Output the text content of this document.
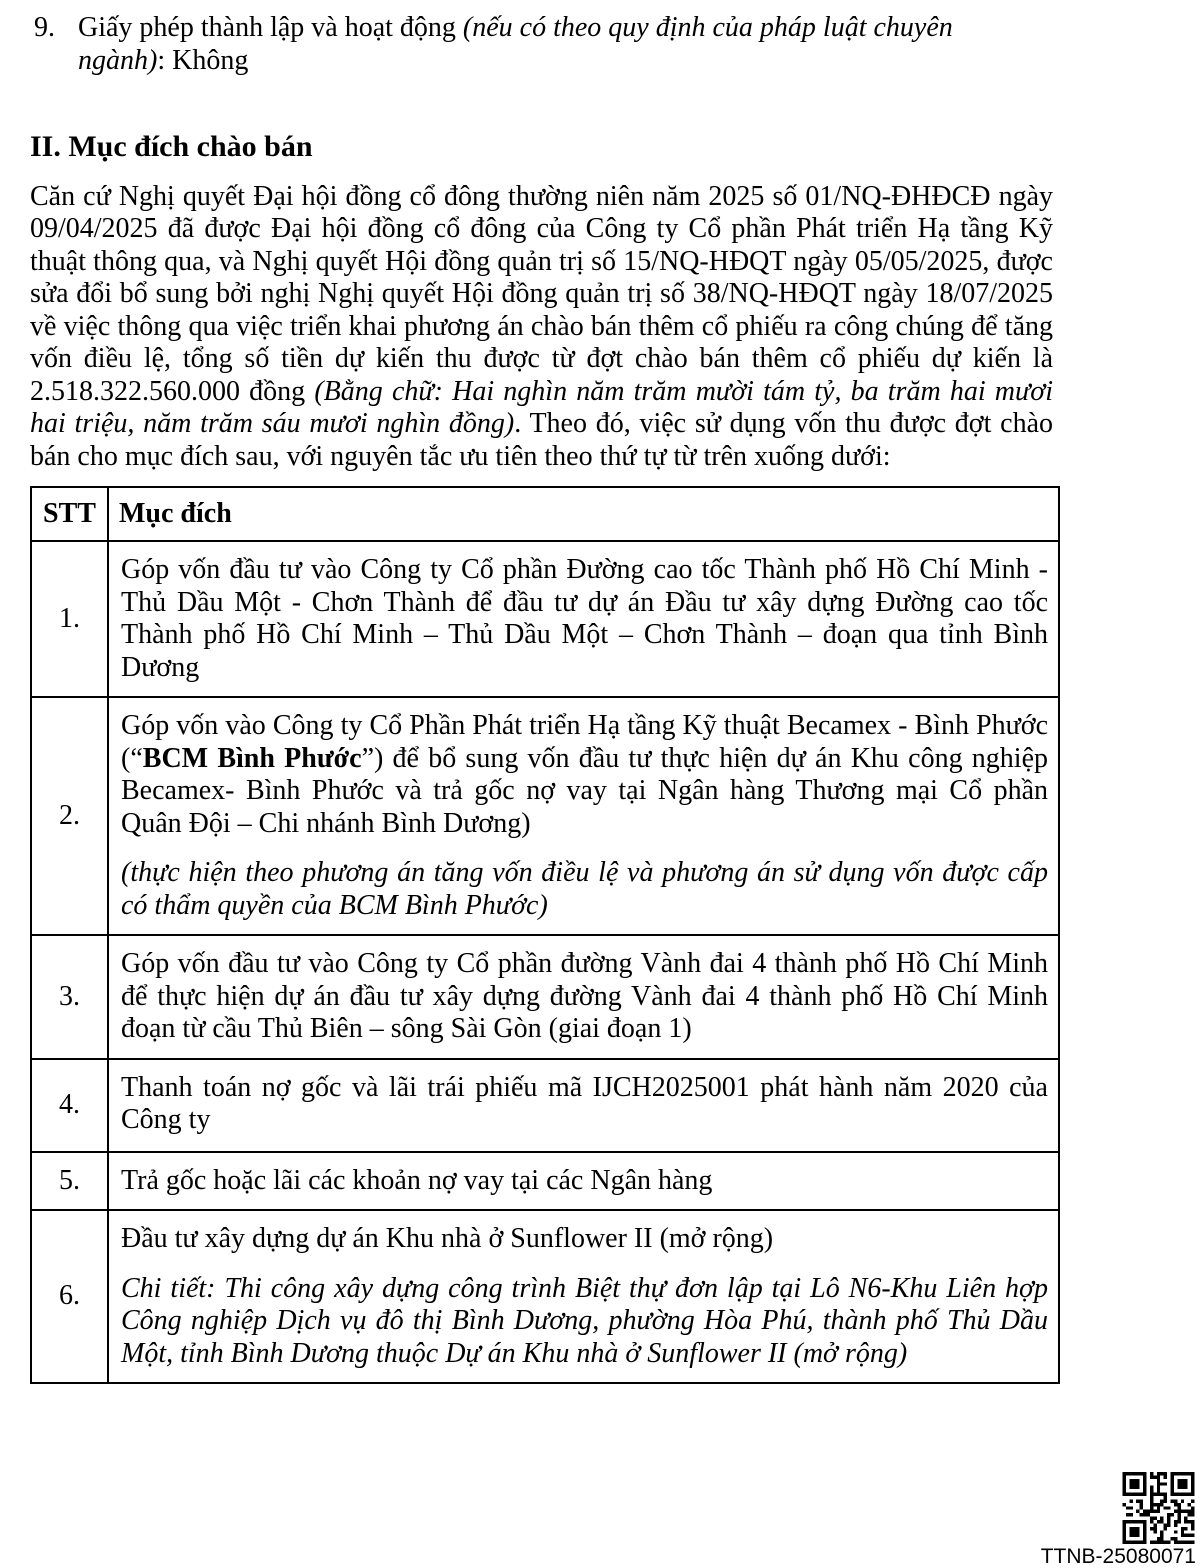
9. Giấy phép thành lập và hoạt động (nếu có theo quy định của pháp luật chuyên ngành): Không
II. Mục đích chào bán

Căn cứ Nghị quyết Đại hội đồng cổ đông thường niên năm 2025 số 01/NQ-ĐHĐCĐ ngày 09/04/2025 đã được Đại hội đồng cổ đông của Công ty Cổ phần Phát triển Hạ tầng Kỹ thuật thông qua, và Nghị quyết Hội đồng quản trị số 15/NQ-HĐQT ngày 05/05/2025, được sửa đổi bổ sung bởi nghị Nghị quyết Hội đồng quản trị số 38/NQ-HĐQT ngày 18/07/2025 về việc thông qua việc triển khai phương án chào bán thêm cổ phiếu ra công chúng để tăng vốn điều lệ, tổng số tiền dự kiến thu được từ đợt chào bán thêm cổ phiếu dự kiến là 2.518.322.560.000 đồng (Bằng chữ: Hai nghìn năm trăm mười tám tỷ, ba trăm hai mươi hai triệu, năm trăm sáu mươi nghìn đồng). Theo đó, việc sử dụng vốn thu được đợt chào bán cho mục đích sau, với nguyên tắc ưu tiên theo thứ tự từ trên xuống dưới:

STT	Mục đích
1.	Góp vốn đầu tư vào Công ty Cổ phần Đường cao tốc Thành phố Hồ Chí Minh - Thủ Dầu Một - Chơn Thành để đầu tư dự án Đầu tư xây dựng Đường cao tốc Thành phố Hồ Chí Minh – Thủ Dầu Một – Chơn Thành – đoạn qua tỉnh Bình Dương
2.	Góp vốn vào Công ty Cổ Phần Phát triển Hạ tầng Kỹ thuật Becamex - Bình Phước (“BCM Bình Phước”) để bổ sung vốn đầu tư thực hiện dự án Khu công nghiệp Becamex- Bình Phước và trả gốc nợ vay tại Ngân hàng Thương mại Cổ phần Quân Đội – Chi nhánh Bình Dương)
(thực hiện theo phương án tăng vốn điều lệ và phương án sử dụng vốn được cấp có thẩm quyền của BCM Bình Phước)

3.	Góp vốn đầu tư vào Công ty Cổ phần đường Vành đai 4 thành phố Hồ Chí Minh để thực hiện dự án đầu tư xây dựng đường Vành đai 4 thành phố Hồ Chí Minh đoạn từ cầu Thủ Biên – sông Sài Gòn (giai đoạn 1)
4.	Thanh toán nợ gốc và lãi trái phiếu mã IJCH2025001 phát hành năm 2020 của Công ty
5.	Trả gốc hoặc lãi các khoản nợ vay tại các Ngân hàng
6.	Đầu tư xây dựng dự án Khu nhà ở Sunflower II (mở rộng)
Chi tiết: Thi công xây dựng công trình Biệt thự đơn lập tại Lô N6-Khu Liên hợp Công nghiệp Dịch vụ đô thị Bình Dương, phường Hòa Phú, thành phố Thủ Dầu Một, tỉnh Bình Dương thuộc Dự án Khu nhà ở Sunflower II (mở rộng)
TTNB-25080071
